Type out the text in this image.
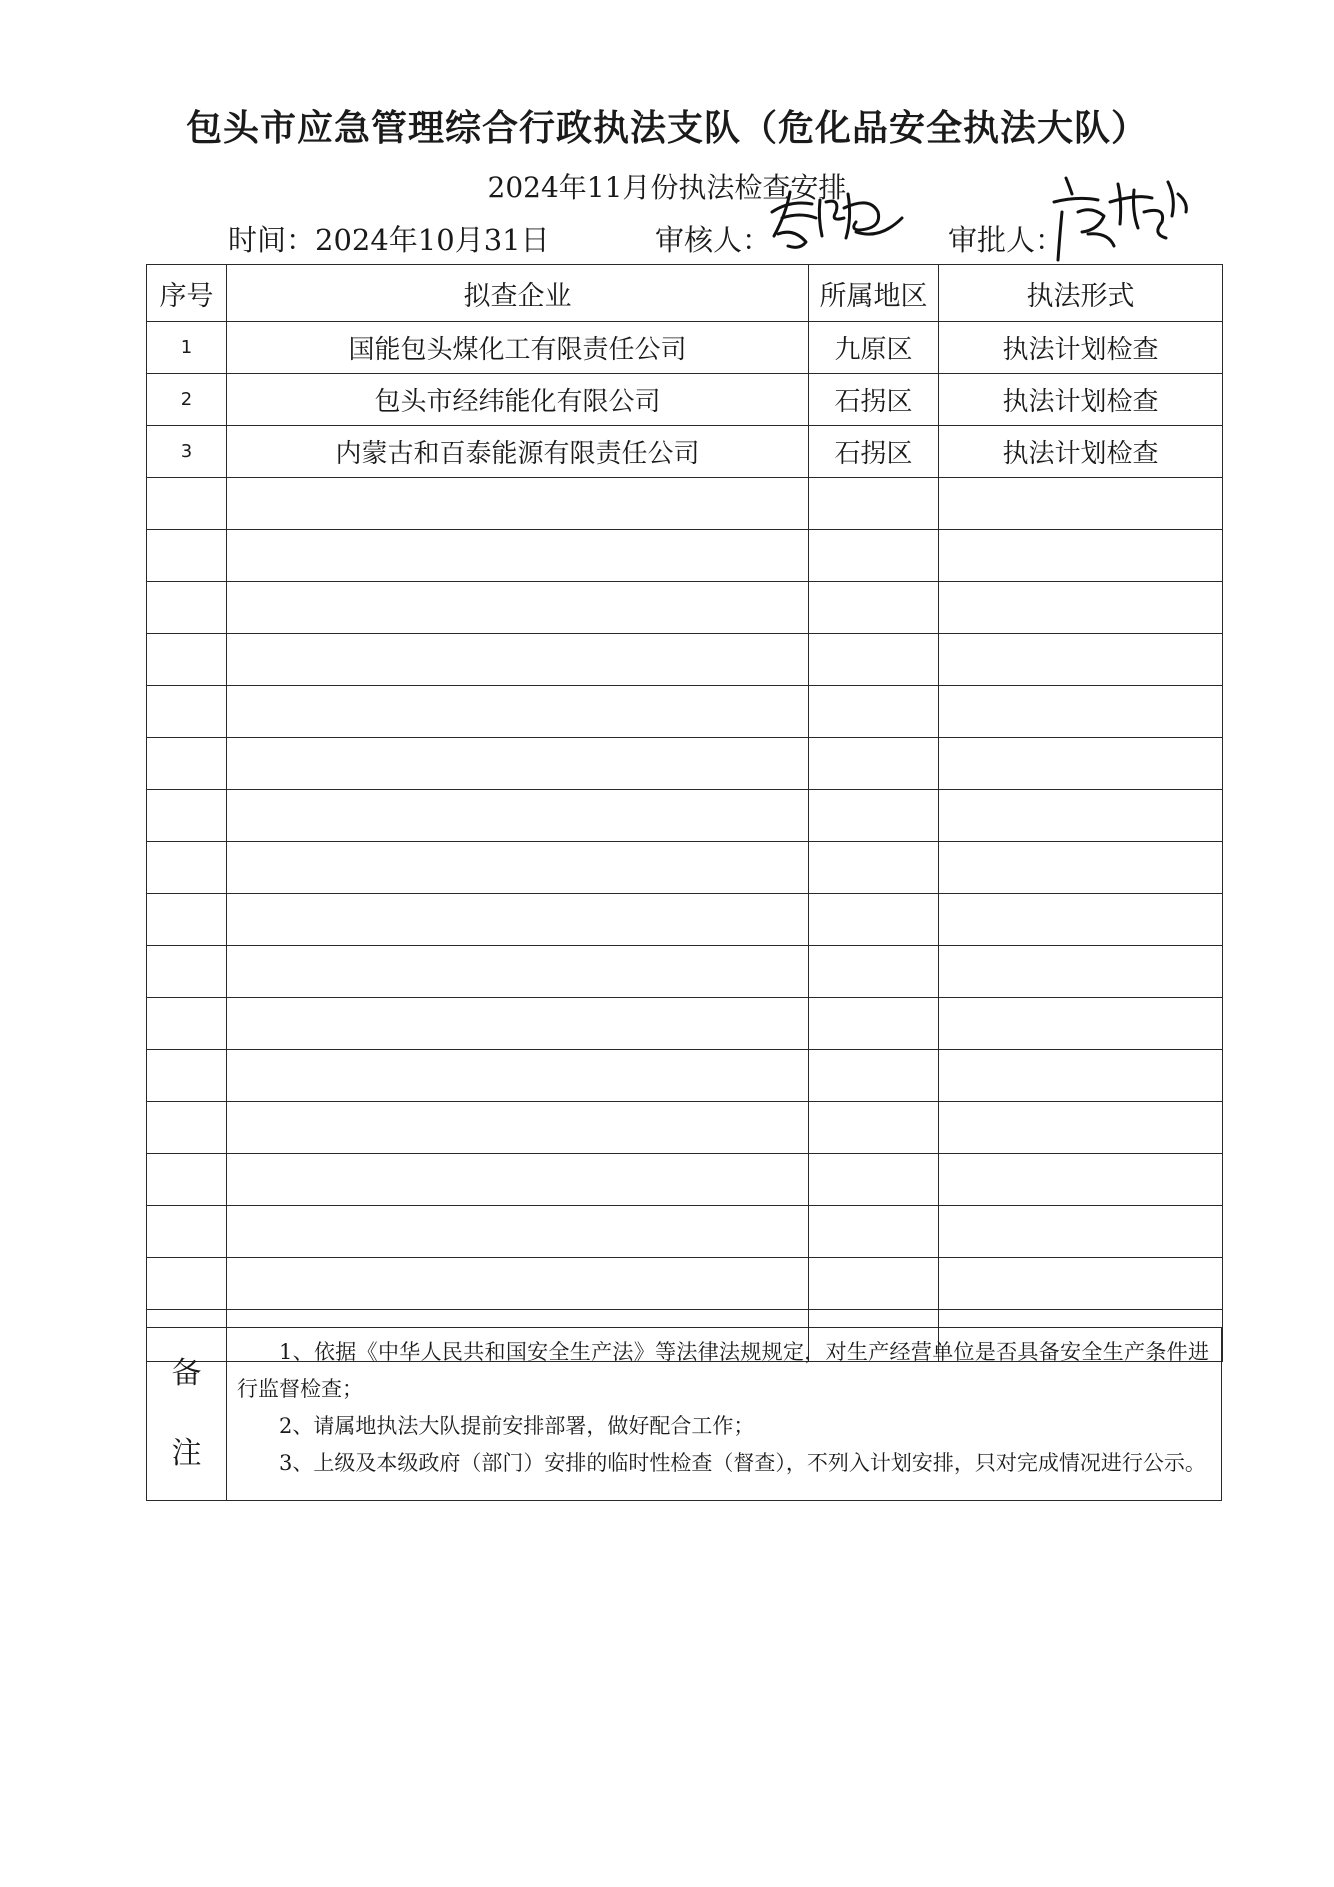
包头市应急管理综合行政执法支队（危化品安全执法大队）
2024年11月份执法检查安排
时间：2024年10月31日	审核人：	审批人：
序号	拟查企业	所属地区	执法形式
1	国能包头煤化工有限责任公司	九原区	执法计划检查
2	包头市经纬能化有限公司	石拐区	执法计划检查
3	内蒙古和百泰能源有限责任公司	石拐区	执法计划检查

备
注

1、依据《中华人民共和国安全生产法》等法律法规规定，对生产经营单位是否具备安全生产条件进行监督检查；

2、请属地执法大队提前安排部署，做好配合工作；

3、上级及本级政府（部门）安排的临时性检查（督查），不列入计划安排，只对完成情况进行公示。
